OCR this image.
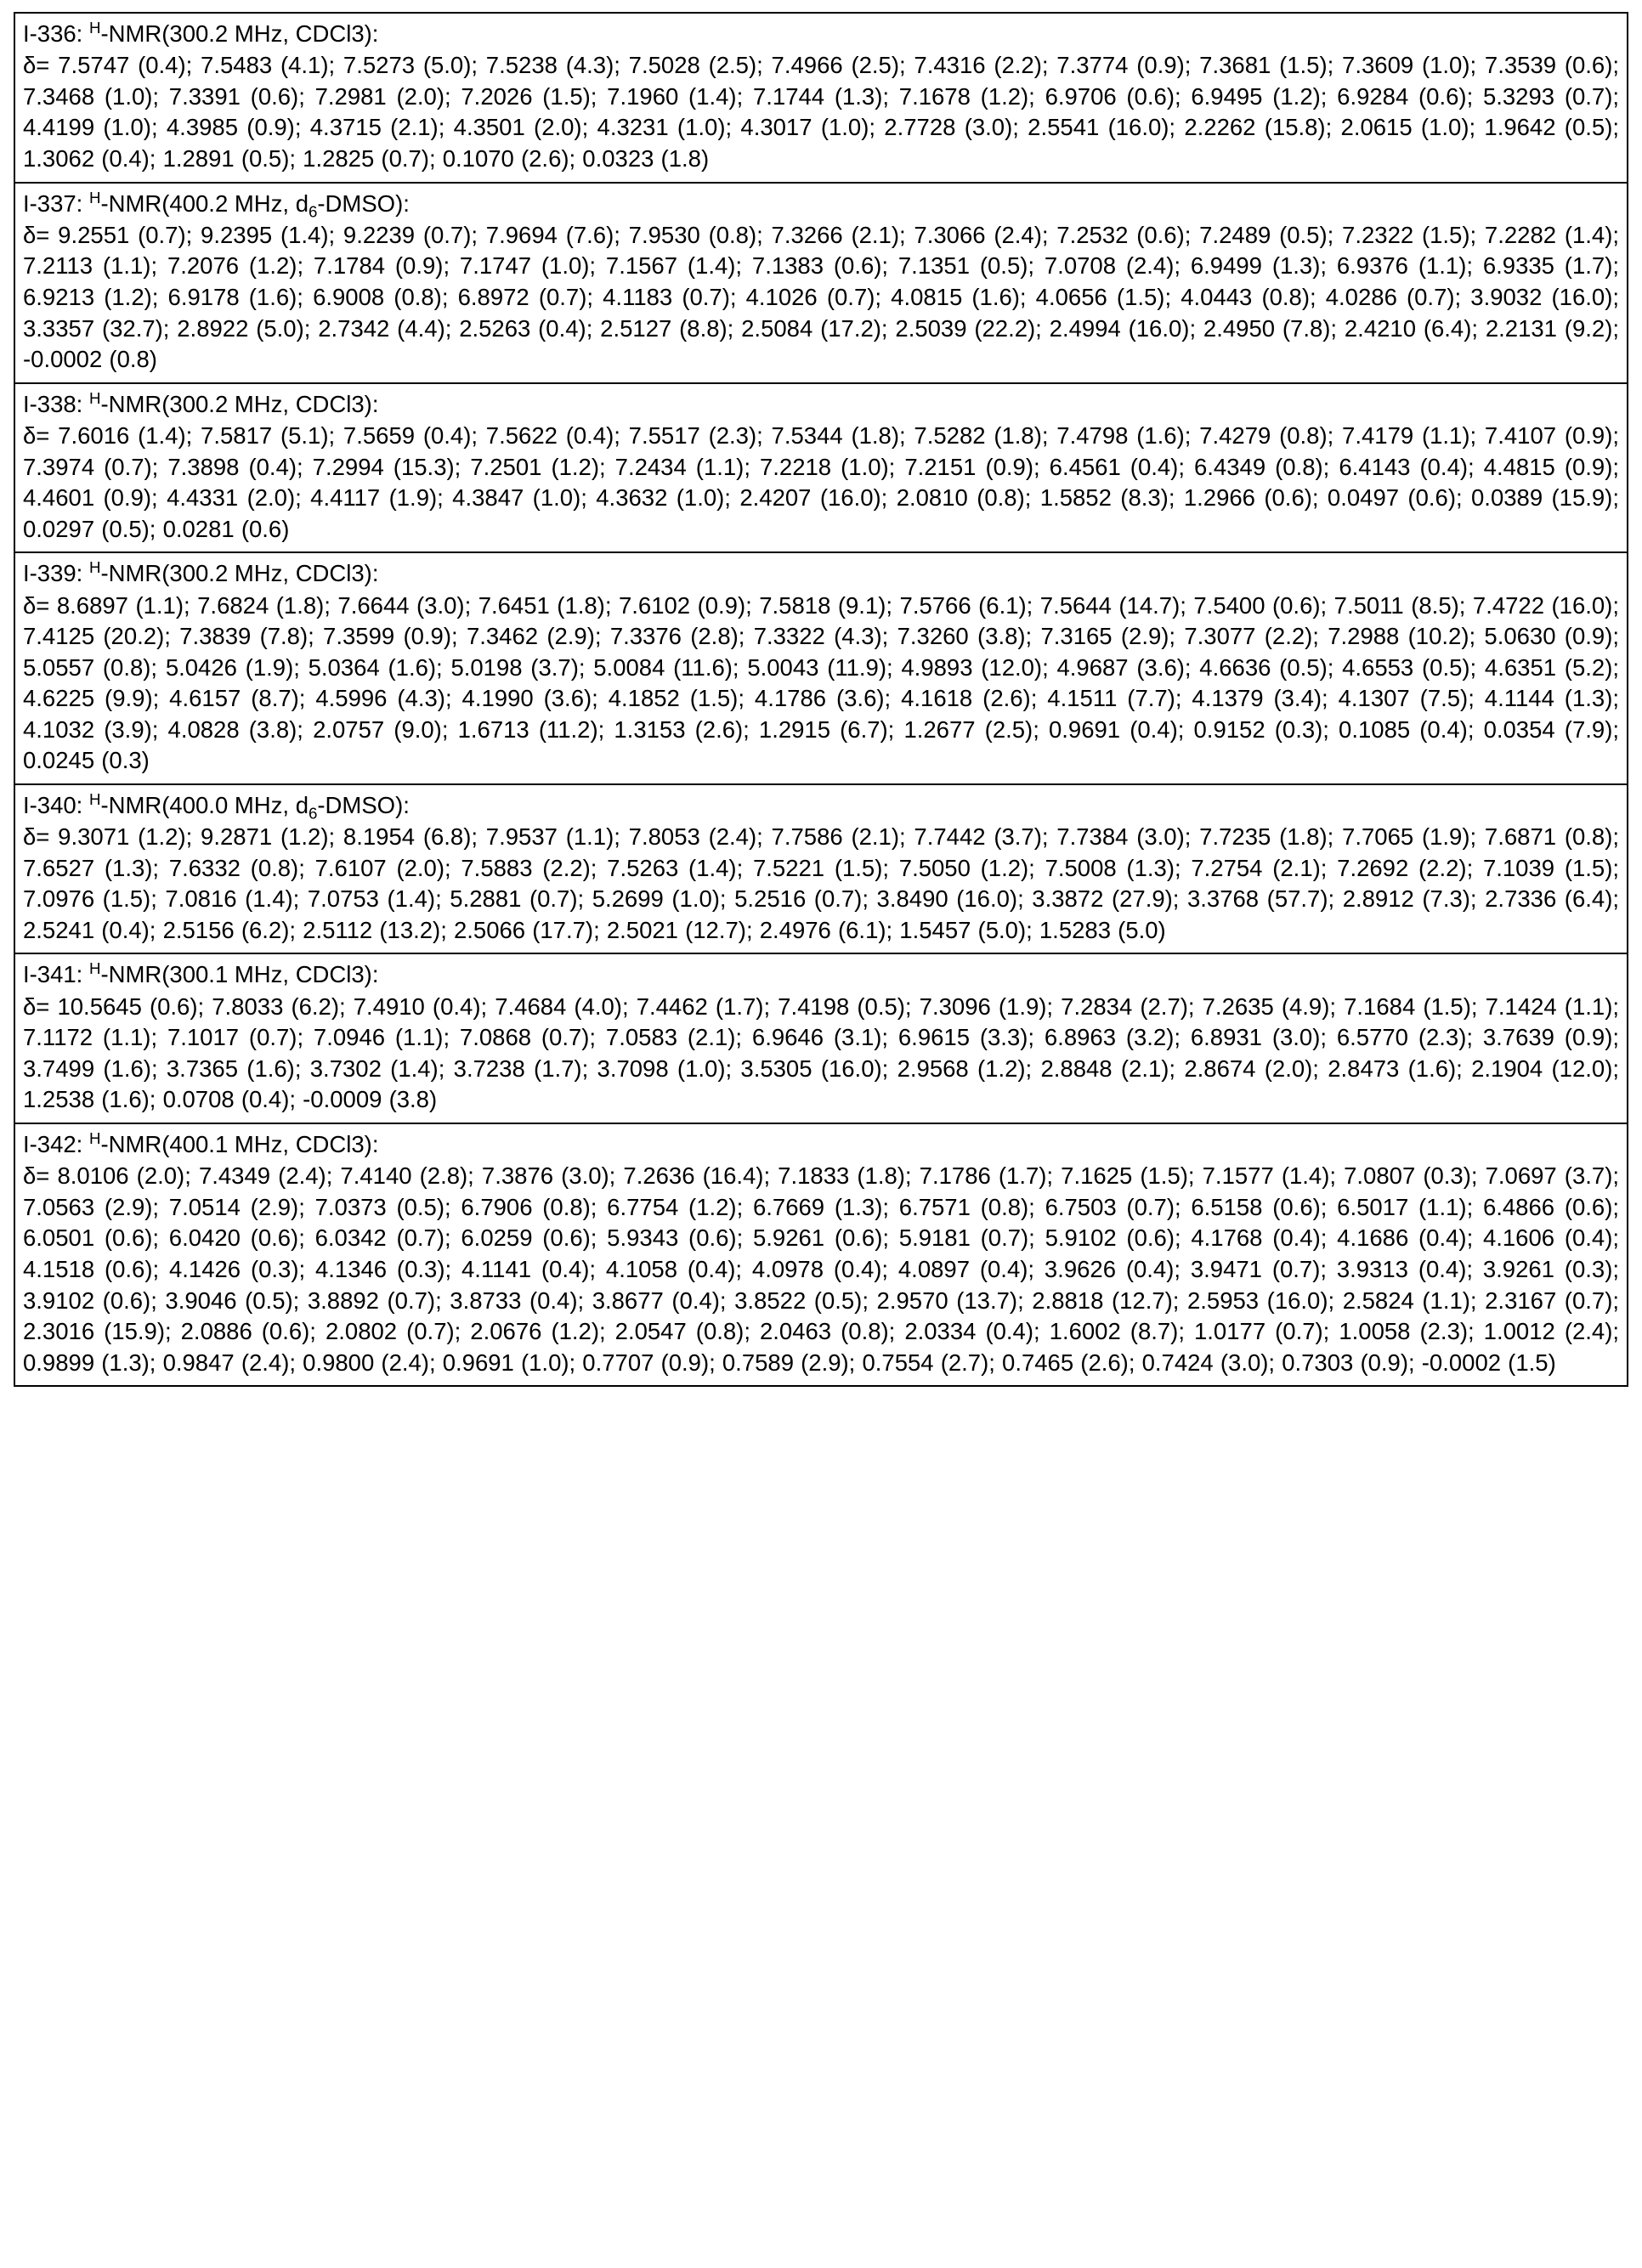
I-336: $^H$-NMR(300.2 MHz, CDCl3):
δ= 7.5747 (0.4); 7.5483 (4.1); 7.5273 (5.0); 7.5238 (4.3); 7.5028 (2.5); 7.4966 (2.5); 7.4316 (2.2); 7.3774 (0.9); 7.3681 (1.5); 7.3609 (1.0); 7.3539 (0.6); 7.3468 (1.0); 7.3391 (0.6); 7.2981 (2.0); 7.2026 (1.5); 7.1960 (1.4); 7.1744 (1.3); 7.1678 (1.2); 6.9706 (0.6); 6.9495 (1.2); 6.9284 (0.6); 5.3293 (0.7); 4.4199 (1.0); 4.3985 (0.9); 4.3715 (2.1); 4.3501 (2.0); 4.3231 (1.0); 4.3017 (1.0); 2.7728 (3.0); 2.5541 (16.0); 2.2262 (15.8); 2.0615 (1.0); 1.9642 (0.5); 1.3062 (0.4); 1.2891 (0.5); 1.2825 (0.7); 0.1070 (2.6); 0.0323 (1.8)

I-337: $^H$-NMR(400.2 MHz, $d_6-DMSO$):
δ= 9.2551 (0.7); 9.2395 (1.4); 9.2239 (0.7); 7.9694 (7.6); 7.9530 (0.8); 7.3266 (2.1); 7.3066 (2.4); 7.2532 (0.6); 7.2489 (0.5); 7.2322 (1.5); 7.2282 (1.4); 7.2113 (1.1); 7.2076 (1.2); 7.1784 (0.9); 7.1747 (1.0); 7.1567 (1.4); 7.1383 (0.6); 7.1351 (0.5); 7.0708 (2.4); 6.9499 (1.3); 6.9376 (1.1); 6.9335 (1.7); 6.9213 (1.2); 6.9178 (1.6); 6.9008 (0.8); 6.8972 (0.7); 4.1183 (0.7); 4.1026 (0.7); 4.0815 (1.6); 4.0656 (1.5); 4.0443 (0.8); 4.0286 (0.7); 3.9032 (16.0); 3.3357 (32.7); 2.8922 (5.0); 2.7342 (4.4); 2.5263 (0.4); 2.5127 (8.8); 2.5084 (17.2); 2.5039 (22.2); 2.4994 (16.0); 2.4950 (7.8); 2.4210 (6.4); 2.2131 (9.2); -0.0002 (0.8)

I-338: $^H$-NMR(300.2 MHz, CDCl3):
δ= 7.6016 (1.4); 7.5817 (5.1); 7.5659 (0.4); 7.5622 (0.4); 7.5517 (2.3); 7.5344 (1.8); 7.5282 (1.8); 7.4798 (1.6); 7.4279 (0.8); 7.4179 (1.1); 7.4107 (0.9); 7.3974 (0.7); 7.3898 (0.4); 7.2994 (15.3); 7.2501 (1.2); 7.2434 (1.1); 7.2218 (1.0); 7.2151 (0.9); 6.4561 (0.4); 6.4349 (0.8); 6.4143 (0.4); 4.4815 (0.9); 4.4601 (0.9); 4.4331 (2.0); 4.4117 (1.9); 4.3847 (1.0); 4.3632 (1.0); 2.4207 (16.0); 2.0810 (0.8); 1.5852 (8.3); 1.2966 (0.6); 0.0497 (0.6); 0.0389 (15.9); 0.0297 (0.5); 0.0281 (0.6)

I-339: $^H$-NMR(300.2 MHz, CDCl3):
δ= 8.6897 (1.1); 7.6824 (1.8); 7.6644 (3.0); 7.6451 (1.8); 7.6102 (0.9); 7.5818 (9.1); 7.5766 (6.1); 7.5644 (14.7); 7.5400 (0.6); 7.5011 (8.5); 7.4722 (16.0); 7.4125 (20.2); 7.3839 (7.8); 7.3599 (0.9); 7.3462 (2.9); 7.3376 (2.8); 7.3322 (4.3); 7.3260 (3.8); 7.3165 (2.9); 7.3077 (2.2); 7.2988 (10.2); 5.0630 (0.9); 5.0557 (0.8); 5.0426 (1.9); 5.0364 (1.6); 5.0198 (3.7); 5.0084 (11.6); 5.0043 (11.9); 4.9893 (12.0); 4.9687 (3.6); 4.6636 (0.5); 4.6553 (0.5); 4.6351 (5.2); 4.6225 (9.9); 4.6157 (8.7); 4.5996 (4.3); 4.1990 (3.6); 4.1852 (1.5); 4.1786 (3.6); 4.1618 (2.6); 4.1511 (7.7); 4.1379 (3.4); 4.1307 (7.5); 4.1144 (1.3); 4.1032 (3.9); 4.0828 (3.8); 2.0757 (9.0); 1.6713 (11.2); 1.3153 (2.6); 1.2915 (6.7); 1.2677 (2.5); 0.9691 (0.4); 0.9152 (0.3); 0.1085 (0.4); 0.0354 (7.9); 0.0245 (0.3)

I-340: $^H$-NMR(400.0 MHz, $d_6-DMSO$):
δ= 9.3071 (1.2); 9.2871 (1.2); 8.1954 (6.8); 7.9537 (1.1); 7.8053 (2.4); 7.7586 (2.1); 7.7442 (3.7); 7.7384 (3.0); 7.7235 (1.8); 7.7065 (1.9); 7.6871 (0.8); 7.6527 (1.3); 7.6332 (0.8); 7.6107 (2.0); 7.5883 (2.2); 7.5263 (1.4); 7.5221 (1.5); 7.5050 (1.2); 7.5008 (1.3); 7.2754 (2.1); 7.2692 (2.2); 7.1039 (1.5); 7.0976 (1.5); 7.0816 (1.4); 7.0753 (1.4); 5.2881 (0.7); 5.2699 (1.0); 5.2516 (0.7); 3.8490 (16.0); 3.3872 (27.9); 3.3768 (57.7); 2.8912 (7.3); 2.7336 (6.4); 2.5241 (0.4); 2.5156 (6.2); 2.5112 (13.2); 2.5066 (17.7); 2.5021 (12.7); 2.4976 (6.1); 1.5457 (5.0); 1.5283 (5.0)

I-341: $^H$-NMR(300.1 MHz, CDCl3):
δ= 10.5645 (0.6); 7.8033 (6.2); 7.4910 (0.4); 7.4684 (4.0); 7.4462 (1.7); 7.4198 (0.5); 7.3096 (1.9); 7.2834 (2.7); 7.2635 (4.9); 7.1684 (1.5); 7.1424 (1.1); 7.1172 (1.1); 7.1017 (0.7); 7.0946 (1.1); 7.0868 (0.7); 7.0583 (2.1); 6.9646 (3.1); 6.9615 (3.3); 6.8963 (3.2); 6.8931 (3.0); 6.5770 (2.3); 3.7639 (0.9); 3.7499 (1.6); 3.7365 (1.6); 3.7302 (1.4); 3.7238 (1.7); 3.7098 (1.0); 3.5305 (16.0); 2.9568 (1.2); 2.8848 (2.1); 2.8674 (2.0); 2.8473 (1.6); 2.1904 (12.0); 1.2538 (1.6); 0.0708 (0.4); -0.0009 (3.8)

I-342: $^H$-NMR(400.1 MHz, CDCl3):
δ= 8.0106 (2.0); 7.4349 (2.4); 7.4140 (2.8); 7.3876 (3.0); 7.2636 (16.4); 7.1833 (1.8); 7.1786 (1.7); 7.1625 (1.5); 7.1577 (1.4); 7.0807 (0.3); 7.0697 (3.7); 7.0563 (2.9); 7.0514 (2.9); 7.0373 (0.5); 6.7906 (0.8); 6.7754 (1.2); 6.7669 (1.3); 6.7571 (0.8); 6.7503 (0.7); 6.5158 (0.6); 6.5017 (1.1); 6.4866 (0.6); 6.0501 (0.6); 6.0420 (0.6); 6.0342 (0.7); 6.0259 (0.6); 5.9343 (0.6); 5.9261 (0.6); 5.9181 (0.7); 5.9102 (0.6); 4.1768 (0.4); 4.1686 (0.4); 4.1606 (0.4); 4.1518 (0.6); 4.1426 (0.3); 4.1346 (0.3); 4.1141 (0.4); 4.1058 (0.4); 4.0978 (0.4); 4.0897 (0.4); 3.9626 (0.4); 3.9471 (0.7); 3.9313 (0.4); 3.9261 (0.3); 3.9102 (0.6); 3.9046 (0.5); 3.8892 (0.7); 3.8733 (0.4); 3.8677 (0.4); 3.8522 (0.5); 2.9570 (13.7); 2.8818 (12.7); 2.5953 (16.0); 2.5824 (1.1); 2.3167 (0.7); 2.3016 (15.9); 2.0886 (0.6); 2.0802 (0.7); 2.0676 (1.2); 2.0547 (0.8); 2.0463 (0.8); 2.0334 (0.4); 1.6002 (8.7); 1.0177 (0.7); 1.0058 (2.3); 1.0012 (2.4); 0.9899 (1.3); 0.9847 (2.4); 0.9800 (2.4); 0.9691 (1.0); 0.7707 (0.9); 0.7589 (2.9); 0.7554 (2.7); 0.7465 (2.6); 0.7424 (3.0); 0.7303 (0.9); -0.0002 (1.5)
